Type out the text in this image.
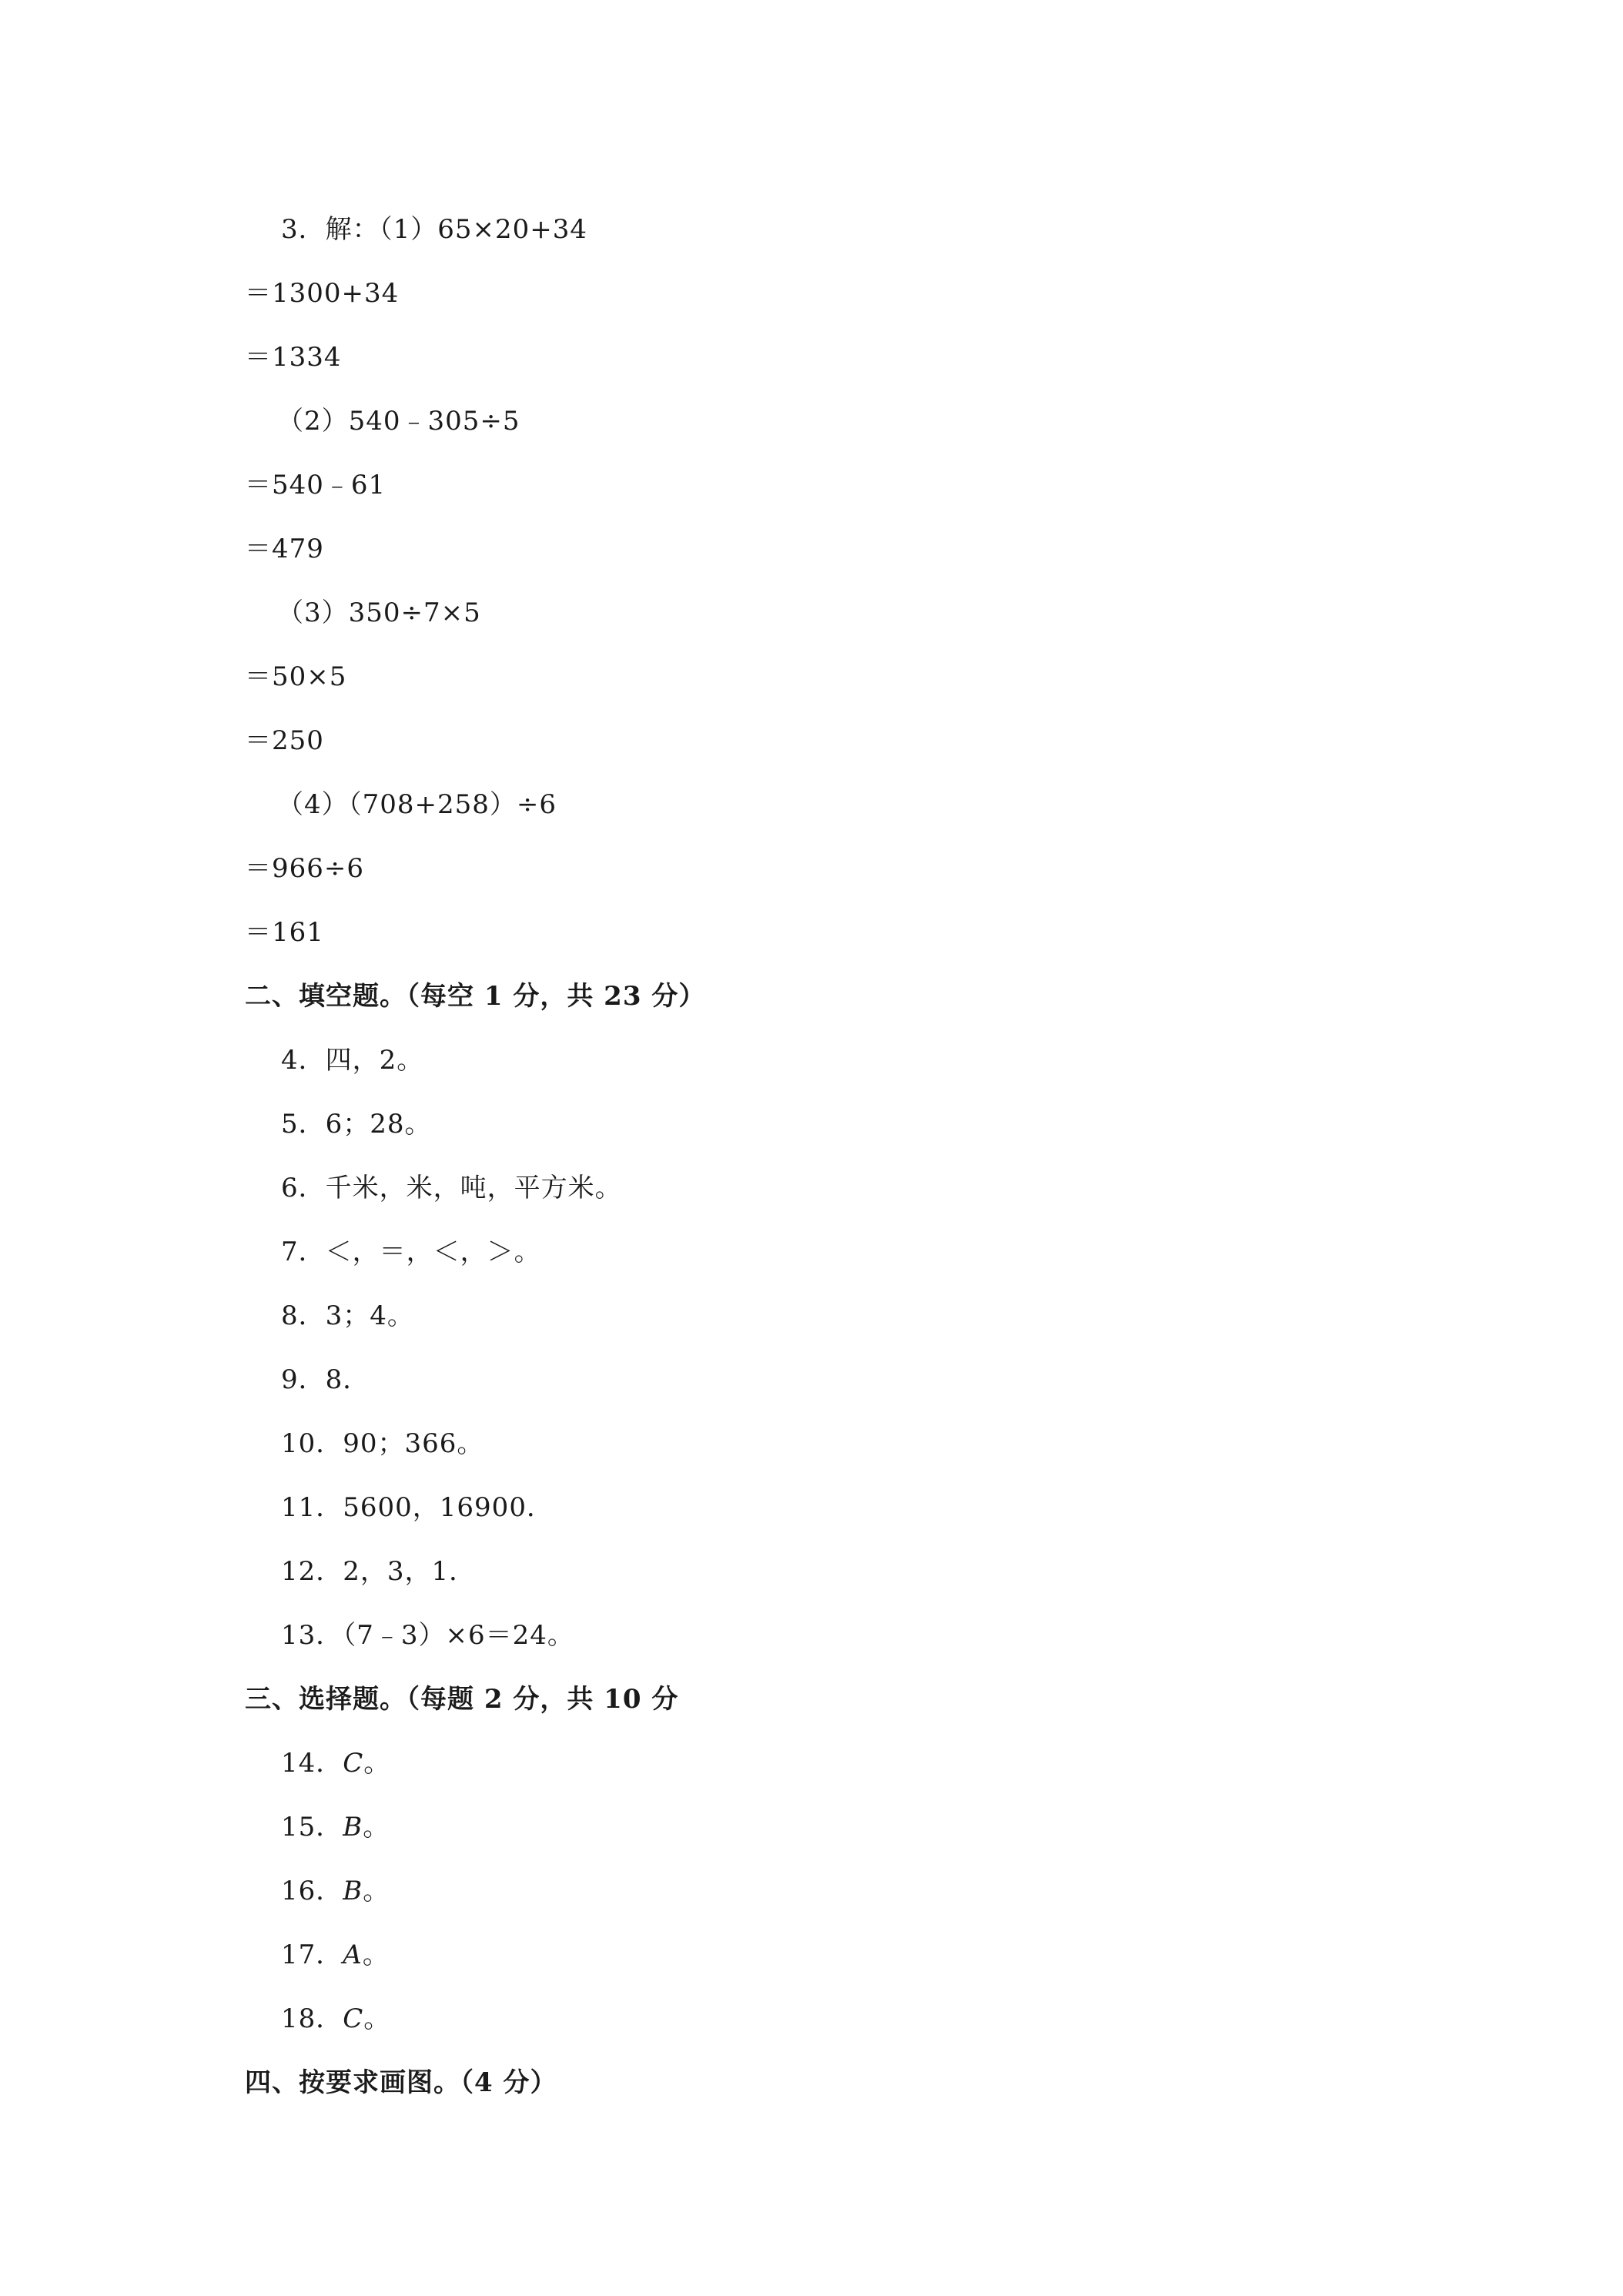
3．解：（1）65×20+34
＝1300+34
＝1334
（2）540﹣305÷5
＝540﹣61
＝479
（3）350÷7×5
＝50×5
＝250
（4）（708+258）÷6
＝966÷6
＝161
二、填空题。（每空 1 分，共 23 分）
4．四，2。
5．6；28。
6．千米，米，吨，平方米。
7．＜，＝，＜，＞。
8．3；4。
9．8．
10．90；366。
11．5600，16900．
12．2，3，1．
13．（7﹣3）×6＝24。
三、选择题。（每题 2 分，共 10 分
14．C。
15．B。
16．B。
17．A。
18．C。
四、按要求画图。（4 分）
